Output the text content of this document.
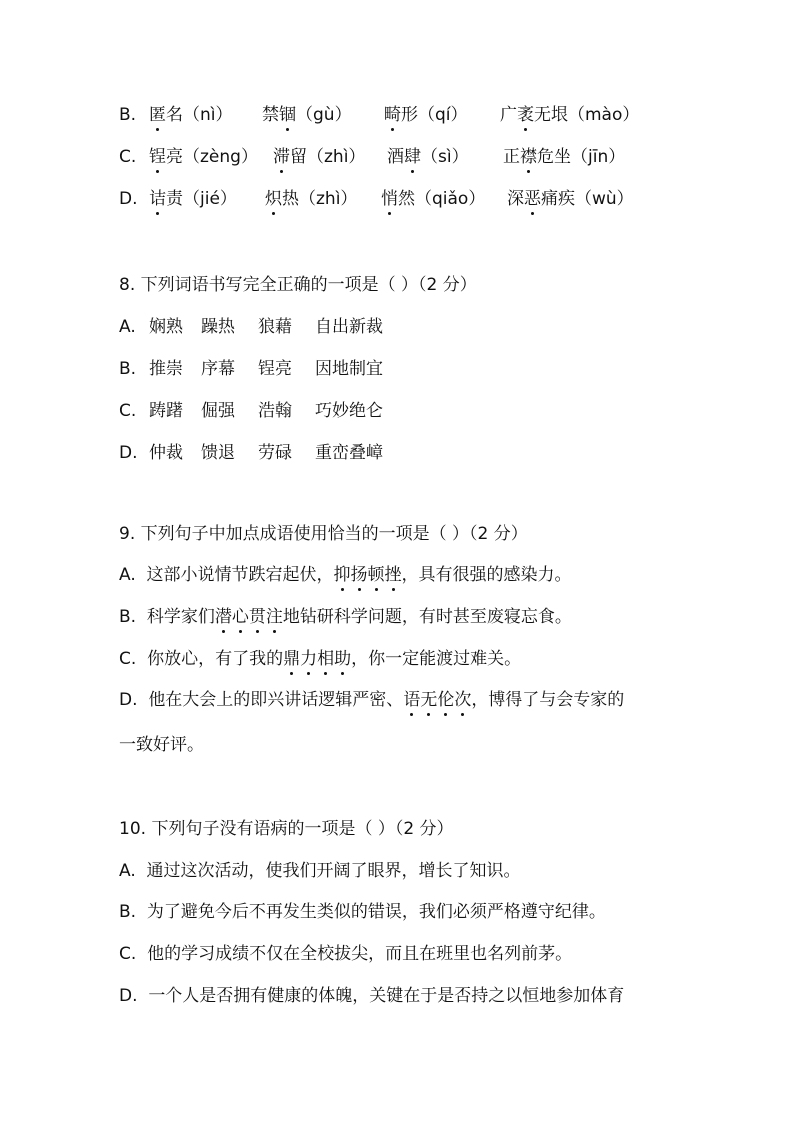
B. 匿名（nì） 禁锢（gù） 畸形（qí） 广袤无垠（mào）
C. 锃亮（zèng） 滞留（zhì） 酒肆（sì） 正襟危坐（jīn）
D. 诘责（jié） 炽热（zhì） 悄然（qiǎo） 深恶痛疾（wù）
8. 下列词语书写完全正确的一项是（ ）（2 分）
A. 娴熟 躁热 狼藉 自出新裁
B. 推崇 序幕 锃亮 因地制宜
C. 踌躇 倔强 浩翰 巧妙绝仑
D. 仲裁 馈退 劳碌 重峦叠嶂
9. 下列句子中加点成语使用恰当的一项是（ ）（2 分）
A. 这部小说情节跌宕起伏，抑扬顿挫，具有很强的感染力。
B. 科学家们潜心贯注地钻研科学问题，有时甚至废寝忘食。
C. 你放心，有了我的鼎力相助，你一定能渡过难关。
D. 他在大会上的即兴讲话逻辑严密、语无伦次，博得了与会专家的
一致好评。
10. 下列句子没有语病的一项是（ ）（2 分）
A. 通过这次活动，使我们开阔了眼界，增长了知识。
B. 为了避免今后不再发生类似的错误，我们必须严格遵守纪律。
C. 他的学习成绩不仅在全校拔尖，而且在班里也名列前茅。
D. 一个人是否拥有健康的体魄，关键在于是否持之以恒地参加体育
